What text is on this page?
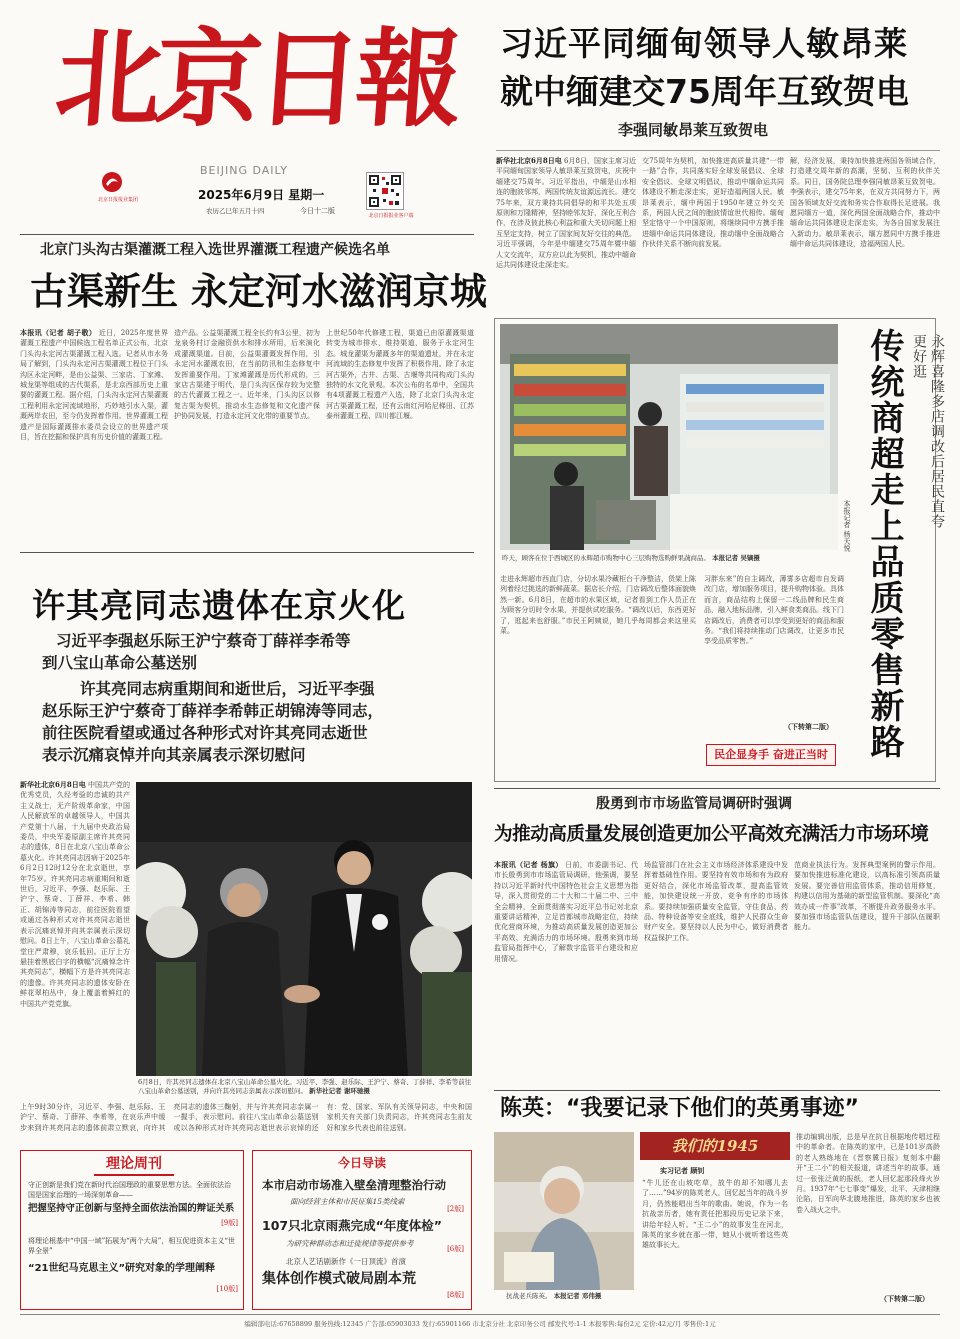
北京日報
BEIJING DAILY
北京日报报业集团	2025年6月9日 星期一
北京日报报业客户端
农历乙巳年五月十四	今日十二版
习近平同缅甸领导人敏昂莱
就中缅建交75周年互致贺电
李强同敏昂莱互致贺电
新华社北京6月8日电 6月8日，国家主席习近平同缅甸国家领导人敏昂莱互致贺电，庆祝中缅建交75周年。习近平指出，中缅是山水相连的胞波邻邦，两国传统友谊源远流长。建交75年来，双方秉持共同倡导的和平共处五项原则和万隆精神，坚持睦邻友好，深化互利合作，在涉及彼此核心利益和重大关切问题上相互坚定支持，树立了国家间友好交往的典范。习近平强调，今年是中缅建交75周年暨中缅人文交流年，双方应以此为契机，推动中缅命运共同体建设走深走实。
交75周年为契机，加快推进高质量共建“一带一路”合作，共同落实好全球发展倡议、全球安全倡议、全球文明倡议，推动中缅命运共同体建设不断走深走实，更好造福两国人民。敏昂莱表示，缅中两国于1950年建立外交关系，两国人民之间的胞波情谊世代相传。缅甸坚定恪守一个中国原则，将继续同中方携手推进缅中命运共同体建设，推动缅中全面战略合作伙伴关系不断向前发展。
解，经济发展，秉持加快推进两国各领域合作，打造建交周年新的高潮，坚韧、互利的伙伴关系。同日，国务院总理李强同敏昂莱互致贺电。李强表示，建交75年来，在双方共同努力下，两国各领域友好交流和务实合作取得长足进展。我愿同缅方一道，深化两国全面战略合作，推动中缅命运共同体建设走深走实，为各自国家发展注入新动力。敏昂莱表示，缅方愿同中方携手推进缅中命运共同体建设，造福两国人民。
北京门头沟古渠灌溉工程入选世界灌溉工程遗产候选名单
古渠新生 永定河水滋润京城
本报讯（记者 胡子敬） 近日，2025年度世界灌溉工程遗产中国候选工程名单正式公布，北京门头沟永定河古渠灌溉工程入选。记者从市水务局了解到，门头沟永定河古渠灌溉工程位于门头沟区永定河畔，是由公益渠、三家店、丁家滩、城龙渠等组成的古代渠系，是北京西部历史上重要的灌溉工程。据介绍，门头沟永定河古渠灌溉工程利用永定河流域地形，巧妙地引水入渠，灌溉两岸农田，至今仍发挥着作用。世界灌溉工程遗产是国际灌溉排水委员会设立的世界遗产项目，旨在挖掘和保护具有历史价值的灌溉工程。
造产品。公益渠灌溉工程全长约有3公里，初为龙泉务村订金融资供水和排水所用，后来演化成灌溉渠道。目前，公益渠灌溉发挥作用，引永定河水灌溉农田，在当前防汛和生态修复中发挥重要作用。丁家滩灌溉是历代形成的，三家店古渠建于明代，是门头沟区保存较为完整的古代灌溉工程之一。近年来，门头沟区以修复古渠为契机，推动水生态修复和文化遗产保护协同发展，打造永定河文化带的重要节点。
上世纪50年代修建工程，渠道已由原灌溉渠道转变为城市排水，维持渠道，服务于永定河生态。城龙灌渠为灌溉多年的渠道遗址，并在永定河流域的生态修复中发挥了积极作用。除了永定河古渠外，古井、古渠、古堰等共同构成门头沟独特的水文化景观。本次公布的名单中，全国共有4项灌溉工程遗产入选，除了北京门头沟永定河古渠灌溉工程，还有云南红河哈尼梯田、江苏泰州灌溉工程、四川都江堰。
许其亮同志遗体在京火化
习近平李强赵乐际王沪宁蔡奇丁薛祥李希等
到八宝山革命公墓送别
许其亮同志病重期间和逝世后，习近平李强
赵乐际王沪宁蔡奇丁薛祥李希韩正胡锦涛等同志，
前往医院看望或通过各种形式对许其亮同志逝世
表示沉痛哀悼并向其亲属表示深切慰问
新华社北京6月8日电 中国共产党的优秀党员，久经考验的忠诚的共产主义战士，无产阶级革命家，中国人民解放军的卓越领导人，中国共产党第十八届、十九届中央政治局委员，中央军委原副主席许其亮同志的遗体，8日在北京八宝山革命公墓火化。许其亮同志因病于2025年6月2日12时12分在北京逝世，享年75岁。许其亮同志病重期间和逝世后，习近平、李强、赵乐际、王沪宁、蔡奇、丁薛祥、李希、韩正、胡锦涛等同志，前往医院看望或通过各种形式对许其亮同志逝世表示沉痛哀悼并向其亲属表示深切慰问。8日上午，八宝山革命公墓礼堂庄严肃穆，哀乐低回。正厅上方悬挂着黑底白字的横幅“沉痛悼念许其亮同志”，横幅下方是许其亮同志的遗像。许其亮同志的遗体安卧在鲜花翠柏丛中，身上覆盖着鲜红的中国共产党党旗。
6月8日，许其亮同志遗体在北京八宝山革命公墓火化。习近平、李强、赵乐际、王沪宁、蔡奇、丁薛祥、李希等前往八宝山革命公墓送别，并向许其亮同志亲属表示深切慰问。 新华社记者 谢环驰摄
上午9时30分许，习近平、李强、赵乐际、王沪宁、蔡奇、丁薛祥、李希等，在哀乐声中缓步来到许其亮同志的遗体前肃立默哀，向许其亮同志的遗体三鞠躬，并与许其亮同志亲属一一握手，表示慰问。前往八宝山革命公墓送别或以各种形式对许其亮同志逝世表示哀悼的还有：党、国家、军队有关领导同志，中央和国家机关有关部门负责同志，许其亮同志生前友好和家乡代表也前往送别。
昨天，顾客在位于西城区的永辉超市购物中心三层购物选购鲜果蔬商品。 本报记者 吴镝摄
本报记者 杨天悦	永辉喜隆多店调改后居民直夸更好逛
传统商超走上品质零售新路
走进永辉超市西直门店，分切水果冷藏柜台干净整洁，货架上陈列着经过挑选的新鲜蔬菜。据店长介绍，门店调改后整体面貌焕然一新。6月8日，在超市的水果区域，记者看到工作人员正在为顾客分切时令水果，并提供试吃服务。“调改以后，东西更好了，逛起来也舒服。”市民王阿姨说，她几乎每周都会来这里买菜。
习胖东来”的自主调改，薄雾多店超市自发调改门店，增加服务项目，提升购物体验。具体而言，商品结构上保留一二线品牌和民生商品，融入地标品牌，引入鲜食类商品。线下门店调改后，消费者可以享受到更好的商品和服务。“我们将持续推动门店调改，让更多市民享受品质零售。”
（下转第二版）
民企显身手 奋进正当时
殷勇到市市场监管局调研时强调
为推动高质量发展创造更加公平高效充满活力市场环境
本报讯（记者 杨旗） 日前，市委副书记、代市长殷勇到市市场监管局调研，他强调，要坚持以习近平新时代中国特色社会主义思想为指导，深入贯彻党的二十大和二十届二中、三中全会精神，全面贯彻落实习近平总书记对北京重要讲话精神，立足首都城市战略定位，持续优化营商环境，为推动高质量发展创造更加公平高效、充满活力的市场环境。殷勇来到市场监管局指挥中心，了解数字监管平台建设和应用情况。
场监管部门在社会主义市场经济体系建设中发挥着基础性作用。要坚持有效市场和有为政府更好结合，深化市场监管改革，提高监管效能，加快建设统一开放、竞争有序的市场体系。要持续加强质量安全监管，守住食品、药品、特种设备等安全底线，维护人民群众生命财产安全。要坚持以人民为中心，做好消费者权益保护工作。
范商业执法行为。发挥典型案例的警示作用。要加快推进标准化建设，以高标准引领高质量发展。要完善信用监管体系，推动信用修复，构建以信用为基础的新型监管机制。要深化“高效办成一件事”改革，不断提升政务服务水平。要加强市场监管队伍建设，提升干部队伍履职能力。
陈英：“我要记录下他们的英勇事迹”
抗战老兵陈英。 本报记者 邓伟摄
我们的1945
实习记者 顾钊
“牛儿还在山坡吃草，放牛的却不知哪儿去了……”94岁的陈英老人，回忆起当年的战斗岁月，仍然能唱出当年的歌曲。她说，作为一名抗战亲历者，她有责任把那段历史记录下来，讲给年轻人听。“王二小”的故事发生在河北，陈英的家乡就在那一带，她从小就听着这些英雄故事长大。
推动编辑出版，总是早在抗日根据地传唱过程中的革命者。在陈英的家中，已是101岁高龄的老人熟练地在《晋察冀日报》复刻本中翻开“王二小”的相关报道，讲述当年的故事。通过一张张泛黄的报纸，老人回忆起那段烽火岁月。1937年“七七事变”爆发，北平、天津相继沦陷，日军向华北腹地推进，陈英的家乡也被卷入战火之中。
（下转第二版）
理论周刊
守正创新是我们党在新时代治国理政的重要思想方法。全面依法治国是国家治理的一场深刻革命——
把握坚持守正创新与坚持全面依法治国的辩证关系
[9版]
将理论根基中“中国一域”拓展为“两个大局”，相互促进资本主义“世界全景”
“21世纪马克思主义”研究对象的学理阐释
[10版]
今日导读
本市启动市场准入壁垒清理整治行动
面向经营主体和市民征集15类线索
[2版]
107只北京雨燕完成“年度体检”
为研究种群动态和迁徙规律等提供参考
[6版]
北京人艺话剧新作《一日顶流》首演
集体创作模式破局剧本荒
[8版]
编辑部电话:67658899 服务热线:12345 广告部:65903033 发行:65901166 市北京分社 北京印务公司 邮发代号:1-1 本报零售:每份2元 定价:42元/月 零售价:1元
